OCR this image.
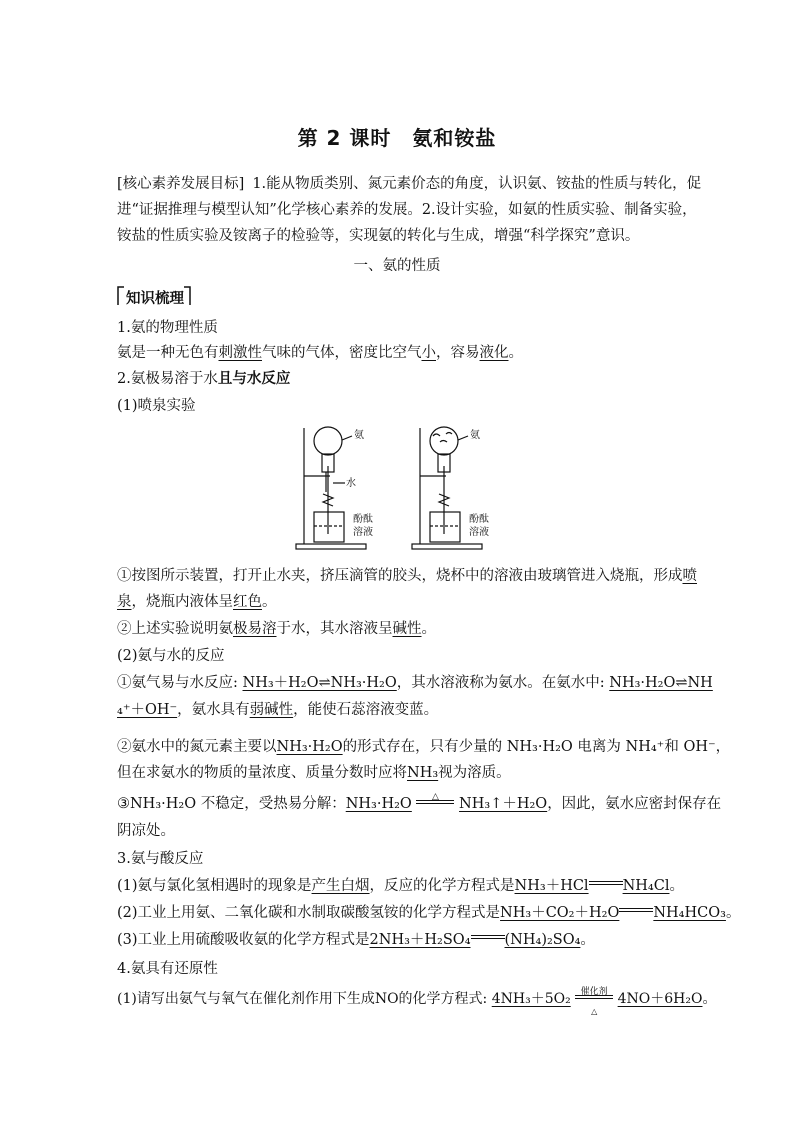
第 2 课时　氨和铵盐
[核心素养发展目标] 1.能从物质类别、氮元素价态的角度，认识氨、铵盐的性质与转化，促
进“证据推理与模型认知”化学核心素养的发展。2.设计实验，如氨的性质实验、制备实验，
铵盐的性质实验及铵离子的检验等，实现氨的转化与生成，增强“科学探究”意识。
一、氨的性质
知识梳理
1.氨的物理性质
氨是一种无色有刺激性气味的气体，密度比空气小，容易液化。
2.氨极易溶于水且与水反应
(1)喷泉实验
氨
水
酚酞
溶液
氨
酚酞
溶液
①按图所示装置，打开止水夹，挤压滴管的胶头，烧杯中的溶液由玻璃管进入烧瓶，形成喷
泉，烧瓶内液体呈红色。
②上述实验说明氨极易溶于水，其水溶液呈碱性。
(2)氨与水的反应
①氨气易与水反应: NH₃＋H₂O⇌NH₃·H₂O，其水溶液称为氨水。在氨水中: NH₃·H₂O⇌NH
₄⁺＋OH⁻，氨水具有弱碱性，能使石蕊溶液变蓝。
②氨水中的氮元素主要以NH₃·H₂O的形式存在，只有少量的 NH₃·H₂O 电离为 NH₄⁺和 OH⁻，
但在求氨水的物质的量浓度、质量分数时应将NH₃视为溶质。
③NH₃·H₂O 不稳定，受热易分解：NH₃·H₂O	△	NH₃↑＋H₂O，因此，氨水应密封保存在
阴凉处。
3.氨与酸反应
(1)氨与氯化氢相遇时的现象是产生白烟，反应的化学方程式是NH₃＋HCl NH₄Cl。
(2)工业上用氨、二氧化碳和水制取碳酸氢铵的化学方程式是NH₃＋CO₂＋H₂O NH₄HCO₃。
(3)工业上用硫酸吸收氨的化学方程式是2NH₃＋H₂SO₄ (NH₄)₂SO₄。
4.氨具有还原性
(1)请写出氨气与氧气在催化剂作用下生成NO的化学方程式: 4NH₃＋5O₂	催化剂
△
4NO＋6H₂O。
